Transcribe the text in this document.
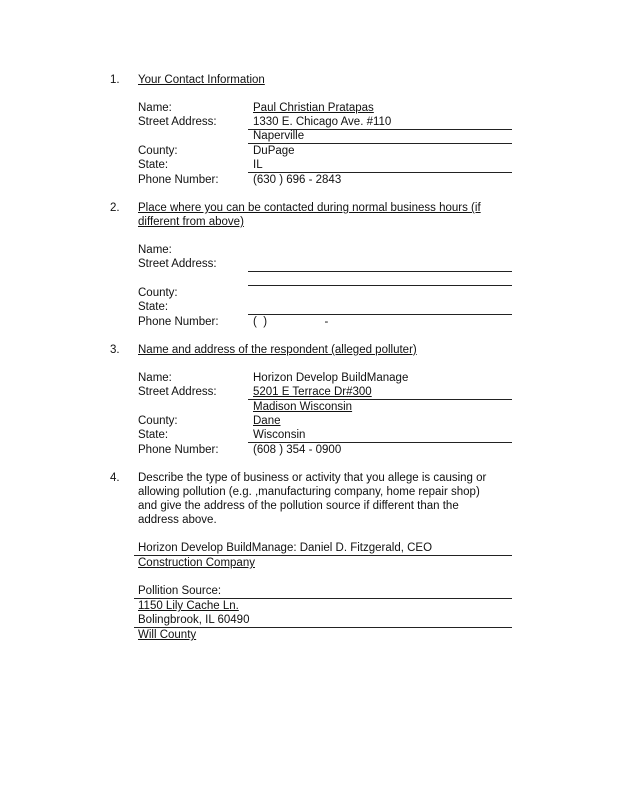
1. Your Contact Information
Name:	Paul Christian Pratapas
Street Address:	1330 E. Chicago Ave. #110
Naperville
County:	DuPage
State:	IL
Phone Number:	(630 ) 696 - 2843
2. Place where you can be contacted during normal business hours (if
different from above)
Name:
Street Address:
County:
State:
Phone Number:	(  )                  -
3. Name and address of the respondent (alleged polluter)
Name:	Horizon Develop BuildManage
Street Address:	5201 E Terrace Dr#300
Madison Wisconsin
County:	Dane
State:	Wisconsin
Phone Number:	(608 ) 354 - 0900
4. Describe the type of business or activity that you allege is causing or
allowing pollution (e.g. ,manufacturing company, home repair shop)
and give the address of the pollution source if different than the
address above.
Horizon Develop BuildManage: Daniel D. Fitzgerald, CEO
Construction Company
Pollition Source:
1150 Lily Cache Ln.
Bolingbrook, IL 60490
Will County
